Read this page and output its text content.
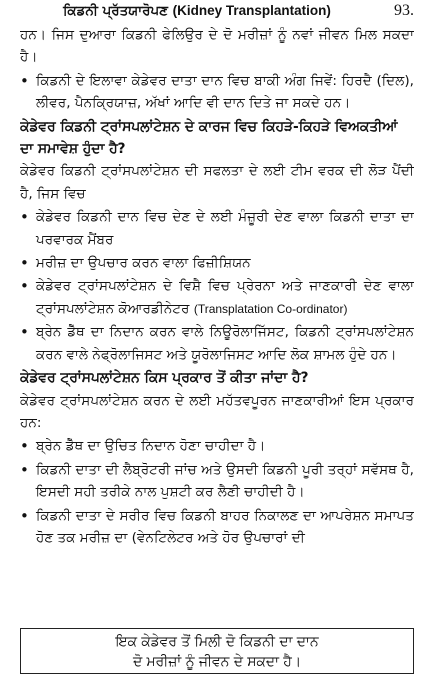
ਕਿਡਨੀ ਪ੍ਰੱਤਯਾਰੋਪਣ (Kidney Transplantation)	93.

ਹਨ। ਜਿਸ ਦੁਆਰਾ ਕਿਡਨੀ ਫੇਲਿਉਰ ਦੇ ਦੋ ਮਰੀਜ਼ਾਂ ਨੂੰ ਨਵਾਂ ਜੀਵਨ ਮਿਲ ਸਕਦਾ ਹੈ।

• ਕਿਡਨੀ ਦੇ ਇਲਾਵਾ ਕੇਡੇਵਰ ਦਾਤਾ ਦਾਨ ਵਿਚ ਬਾਕੀ ਅੰਗ ਜਿਵੇਂ: ਹਿਰਦੈ (ਦਿਲ), ਲੀਵਰ, ਪੈਨਕ੍ਰਿਯਾਜ਼, ਅੱਖਾਂ ਆਦਿ ਵੀ ਦਾਨ ਦਿਤੇ ਜਾ ਸਕਦੇ ਹਨ।

ਕੇਡੇਵਰ ਕਿਡਨੀ ਟ੍ਰਾਂਸਪਲਾਂਟੇਸ਼ਨ ਦੇ ਕਾਰਜ ਵਿਚ ਕਿਹੜੇ-ਕਿਹੜੇ ਵਿਅਕਤੀਆਂ ਦਾ ਸਮਾਵੇਸ਼ ਹੁੰਦਾ ਹੈ?

ਕੇਡੇਵਰ ਕਿਡਨੀ ਟ੍ਰਾਂਸਪਲਾਂਟੇਸ਼ਨ ਦੀ ਸਫਲਤਾ ਦੇ ਲਈ ਟੀਮ ਵਰਕ ਦੀ ਲੋੜ ਪੈਂਦੀ ਹੈ, ਜਿਸ ਵਿਚ

• ਕੇਡੇਵਰ ਕਿਡਨੀ ਦਾਨ ਵਿਚ ਦੇਣ ਦੇ ਲਈ ਮੰਜ਼ੂਰੀ ਦੇਣ ਵਾਲਾ ਕਿਡਨੀ ਦਾਤਾ ਦਾ ਪਰਵਾਰਕ ਮੈਂਬਰ
• ਮਰੀਜ਼ ਦਾ ਉਪਚਾਰ ਕਰਨ ਵਾਲਾ ਫਿਜ਼ੀਸ਼ਿਯਨ
• ਕੇਡੇਵਰ ਟ੍ਰਾਂਸਪਲਾਂਟੇਸ਼ਨ ਦੇ ਵਿਸ਼ੈ ਵਿਚ ਪ੍ਰੇਰਨਾ ਅਤੇ ਜਾਣਕਾਰੀ ਦੇਣ ਵਾਲਾ ਟ੍ਰਾਂਸਪਲਾਂਟੇਸ਼ਨ ਕੋਆਰਡੀਨੇਟਰ (Transplatation Co-ordinator)
• ਬ੍ਰੇਨ ਡੈੱਥ ਦਾ ਨਿਦਾਨ ਕਰਨ ਵਾਲੇ ਨਿਊਰੋਲਾਜਿੱਸਟ, ਕਿਡਨੀ ਟ੍ਰਾਂਸਪਲਾਂਟੇਸ਼ਨ ਕਰਨ ਵਾਲੇ ਨੇਫ੍ਰੋਲਾਜਿਸਟ ਅਤੇ ਯੂਰੋਲਾਜਿਸਟ ਆਦਿ ਲੋਕ ਸ਼ਾਮਲ ਹੁੰਦੇ ਹਨ।

ਕੇਡੇਵਰ ਟ੍ਰਾਂਸਪਲਾਂਟੇਸ਼ਨ ਕਿਸ ਪ੍ਰਕਾਰ ਤੋਂ ਕੀਤਾ ਜਾਂਦਾ ਹੈ?

ਕੇਡੇਵਰ ਟ੍ਰਾਂਸਪਲਾਂਟੇਸ਼ਨ ਕਰਨ ਦੇ ਲਈ ਮਹੱਤਵਪੂਰਨ ਜਾਣਕਾਰੀਆਂ ਇਸ ਪ੍ਰਕਾਰ ਹਨ:

• ਬ੍ਰੇਨ ਡੈੱਥ ਦਾ ਉਚਿਤ ਨਿਦਾਨ ਹੋਣਾ ਚਾਹੀਦਾ ਹੈ।
• ਕਿਡਨੀ ਦਾਤਾ ਦੀ ਲੈਬ੍ਰੋਟਰੀ ਜਾਂਚ ਅਤੇ ਉਸਦੀ ਕਿਡਨੀ ਪੂਰੀ ਤਰ੍ਹਾਂ ਸਵੱਸਥ ਹੈ, ਇਸਦੀ ਸਹੀ ਤਰੀਕੇ ਨਾਲ ਪੁਸ਼ਟੀ ਕਰ ਲੈਣੀ ਚਾਹੀਦੀ ਹੈ।
• ਕਿਡਨੀ ਦਾਤਾ ਦੇ ਸਰੀਰ ਵਿਚ ਕਿਡਨੀ ਬਾਹਰ ਨਿਕਾਲਣ ਦਾ ਆਪਰੇਸ਼ਨ ਸਮਾਪਤ ਹੋਣ ਤਕ ਮਰੀਜ਼ ਦਾ (ਵੇਨਟਿਲੇਟਰ ਅਤੇ ਹੋਰ ਉਪਚਾਰਾਂ ਦੀ
ਇਕ ਕੇਡੇਵਰ ਤੋਂ ਮਿਲੀ ਦੋ ਕਿਡਨੀ ਦਾ ਦਾਨ
ਦੋ ਮਰੀਜ਼ਾਂ ਨੂੰ ਜੀਵਨ ਦੇ ਸਕਦਾ ਹੈ।
